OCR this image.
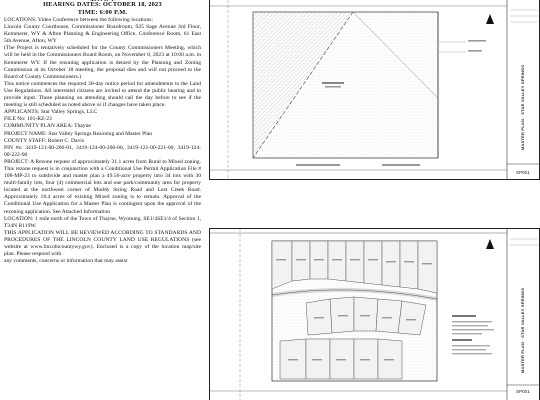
HEARING DATES: OCTOBER 18, 2023
TIME: 6:00 P.M.

LOCATIONS: Video Conference between the following locations:

Lincoln County Courthouse, Commissioner Boardroom, 925 Sage Avenue 3rd Floor, Kemmerer, WY & Afton Planning & Engineering Office, Conference Room, 61 East 5th Avenue, Afton, WY

(The Project is tentatively scheduled for the County Commissioners Meeting, which will be held in the Commissioners Board Room, on November 8, 2023 at 10:00 a.m. in Kemmerer WY. If the rezoning application is denied by the Planning and Zoning Commission at its October 18 meeting, the proposal dies and will not proceed to the Board of County Commissioners.)

This notice commences the required 30-day notice period for amendments to the Land Use Regulations. All interested citizens are invited to attend the public hearing and to provide input. Those planning on attending should call the day before to see if the meeting is still scheduled as noted above or if changes have taken place.

APPLICANTS: Star Valley Springs, LLC

FILE No: 101-RZ-23

COMMUNITY PLAN AREA: Thayne

PROJECT NAME: Star Valley Springs Rezoning and Master Plan

COUNTY STAFF: Robert C. Davis

PIN #s: 3419-121-00-206-01, 3419-124-00-206-00, 3419-121-00-221-00, 3419-124-00-222-00

PROJECT: A Rezone request of approximately 31.1 acres from Rural to Mixed zoning. This rezone request is in conjunction with a Conditional Use Permit Application File # 108-MP-23 to subdivide and master plan a 49.56-acre property into 34 lots with 30 multi-family lots, four (4) commercial lots and one park/community area for property located at the northwest corner of Muddy String Road and Lost Creek Road. Approximately 18.4 acres of existing Mixed zoning is to remain. Approval of the Conditional Use Application for a Master Plan is contingent upon the approval of the rezoning application. See Attached Information

LOCATION: 1 mile north of the Town of Thayne, Wyoming. SE1/4SE1/4 of Section 1, T34N R119W.

THIS APPLICATION WILL BE REVIEWED ACCORDING TO STANDARDS AND PROCEDURES OF THE LINCOLN COUNTY LAND USE REGULATIONS (see website at www.lincolncountywy.gov). Enclosed is a copy of the location map/site plan. Please respond with

any comments, concerns or information that may assist

MASTER PLAN · STAR VALLEY SPRINGS
SP001
MASTER PLAN · STAR VALLEY SPRINGS
SP001
